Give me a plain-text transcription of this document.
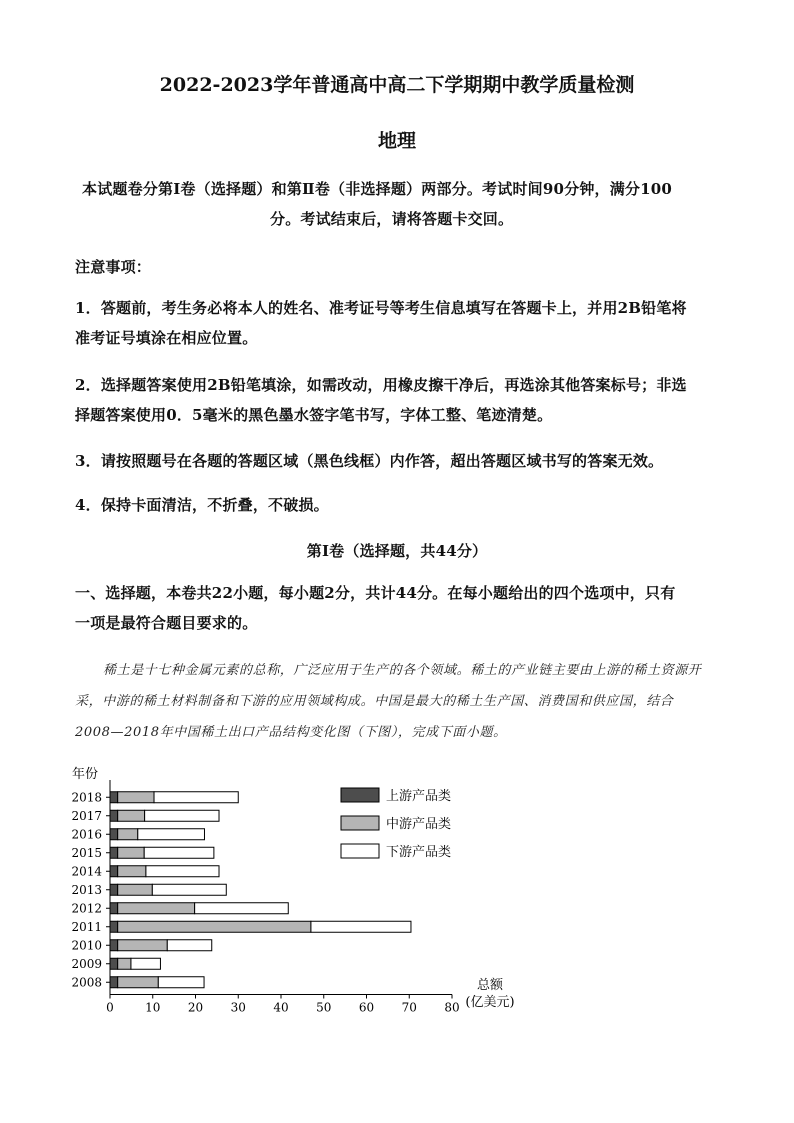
2022-2023学年普通高中高二下学期期中教学质量检测
地理
本试题卷分第Ⅰ卷（选择题）和第Ⅱ卷（非选择题）两部分。考试时间90分钟，满分100
分。考试结束后，请将答题卡交回。
注意事项：
1．答题前，考生务必将本人的姓名、准考证号等考生信息填写在答题卡上，并用2B铅笔将
准考证号填涂在相应位置。
2．选择题答案使用2B铅笔填涂，如需改动，用橡皮擦干净后，再选涂其他答案标号；非选
择题答案使用0．5毫米的黑色墨水签字笔书写，字体工整、笔迹清楚。
3．请按照题号在各题的答题区域（黑色线框）内作答，超出答题区域书写的答案无效。
4．保持卡面清洁，不折叠，不破损。
第Ⅰ卷（选择题，共44分）
一、选择题，本卷共22小题，每小题2分，共计44分。在每小题给出的四个选项中，只有
一项是最符合题目要求的。
稀土是十七种金属元素的总称，广泛应用于生产的各个领域。稀土的产业链主要由上游的稀土资源开
采，中游的稀土材料制备和下游的应用领域构成。中国是最大的稀土生产国、消费国和供应国，结合
2008—2018年中国稀土出口产品结构变化图（下图），完成下面小题。
年份
0	10 20 30 40 50 60 70 80
2018
2017
2016
2015
2014
2013
2012
2011
2010
2009
2008
上游产品类
中游产品类
下游产品类
总额
(亿美元)
